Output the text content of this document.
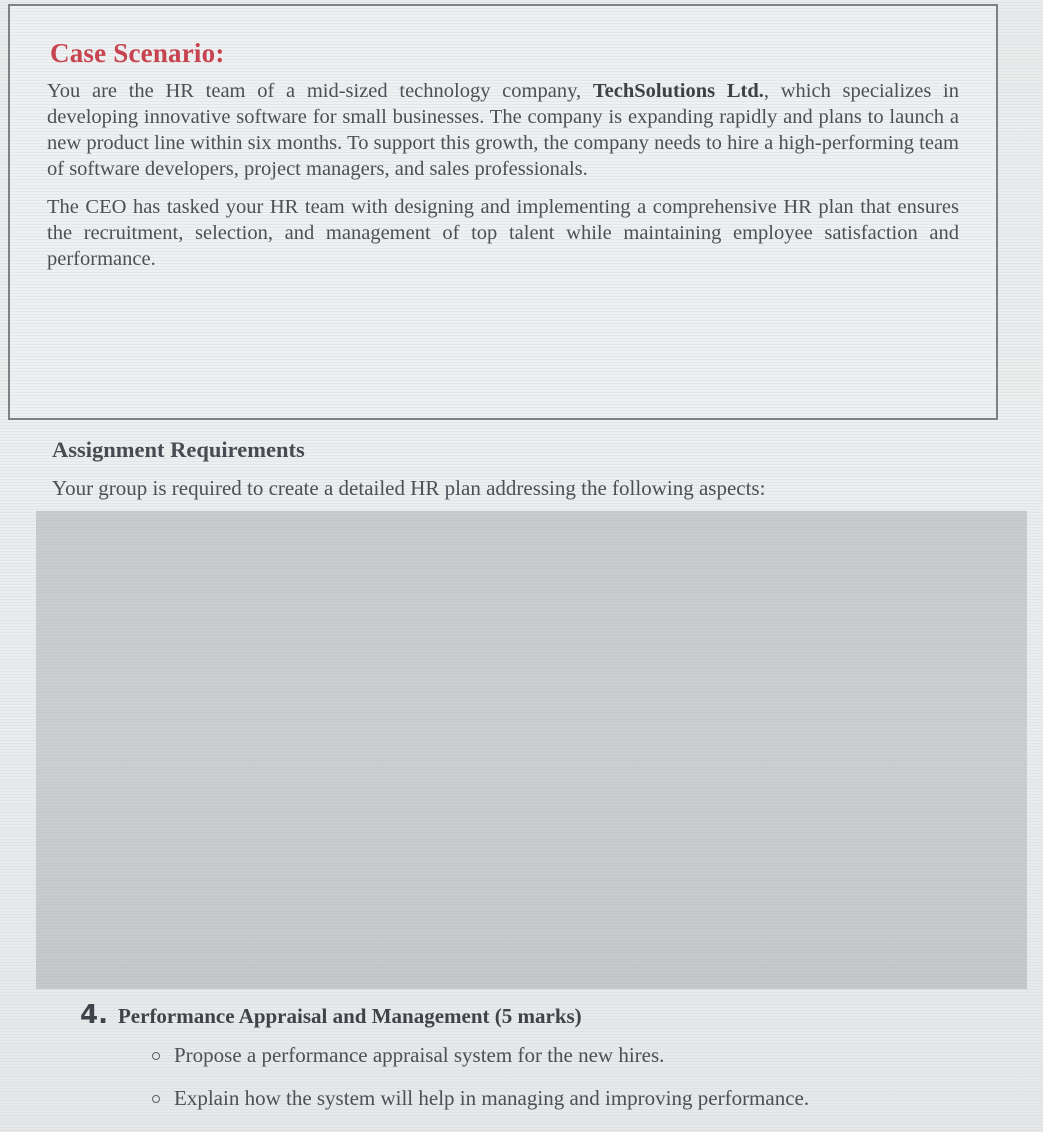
Case Scenario:

You are the HR team of a mid-sized technology company, TechSolutions Ltd., which specializes in developing innovative software for small businesses. The company is expanding rapidly and plans to launch a new product line within six months. To support this growth, the company needs to hire a high-performing team of software developers, project managers, and sales professionals.

The CEO has tasked your HR team with designing and implementing a comprehensive HR plan that ensures the recruitment, selection, and management of top talent while maintaining employee satisfaction and performance.

Assignment Requirements

Your group is required to create a detailed HR plan addressing the following aspects:

4. Performance Appraisal and Management (5 marks)
Propose a performance appraisal system for the new hires.
Explain how the system will help in managing and improving performance.
